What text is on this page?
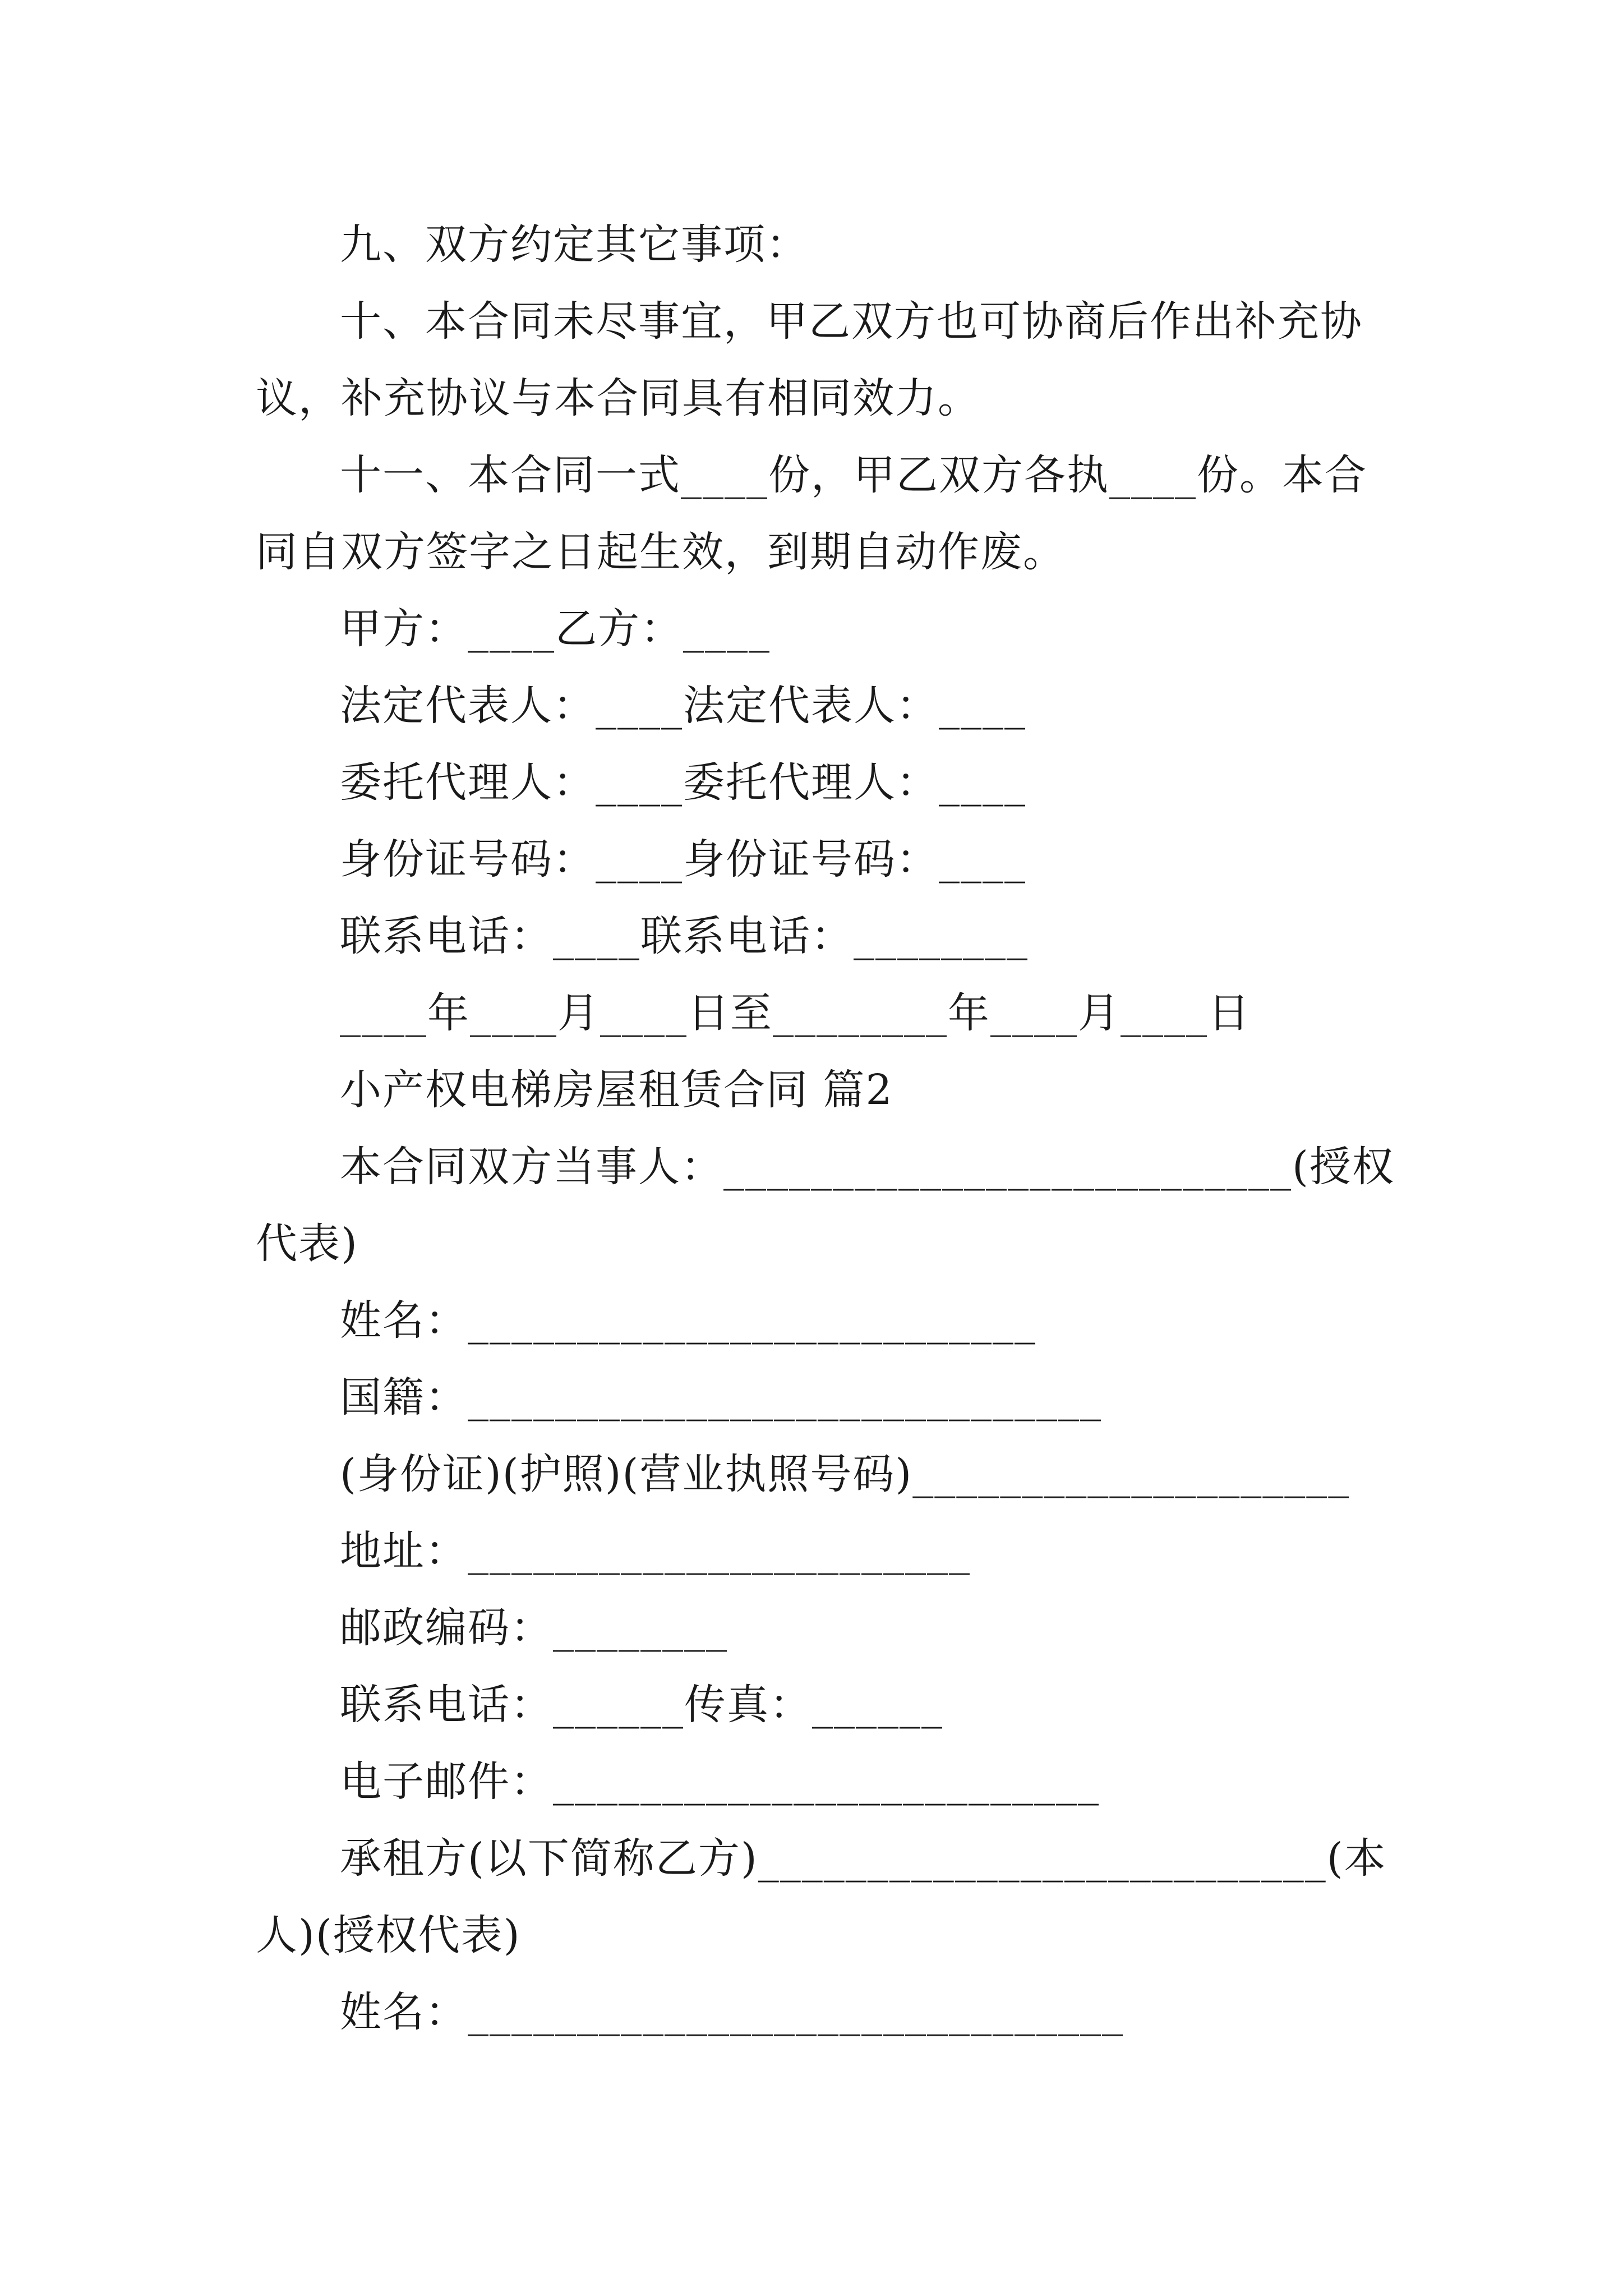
九、双方约定其它事项：
十、本合同未尽事宜，甲乙双方也可协商后作出补充协
议，补充协议与本合同具有相同效力。
十一、本合同一式____份，甲乙双方各执____份。本合
同自双方签字之日起生效，到期自动作废。
甲方：____乙方：____
法定代表人：____法定代表人：____
委托代理人：____委托代理人：____
身份证号码：____身份证号码：____
联系电话：____联系电话：________
____年____月____日至________年____月____日
小产权电梯房屋租赁合同 篇2
本合同双方当事人：__________________________(授权
代表)
姓名：__________________________
国籍：_____________________________
(身份证)(护照)(营业执照号码)____________________
地址：_______________________
邮政编码：________
联系电话：______传真：______
电子邮件：_________________________
承租方(以下简称乙方)__________________________(本
人)(授权代表)
姓名：______________________________
